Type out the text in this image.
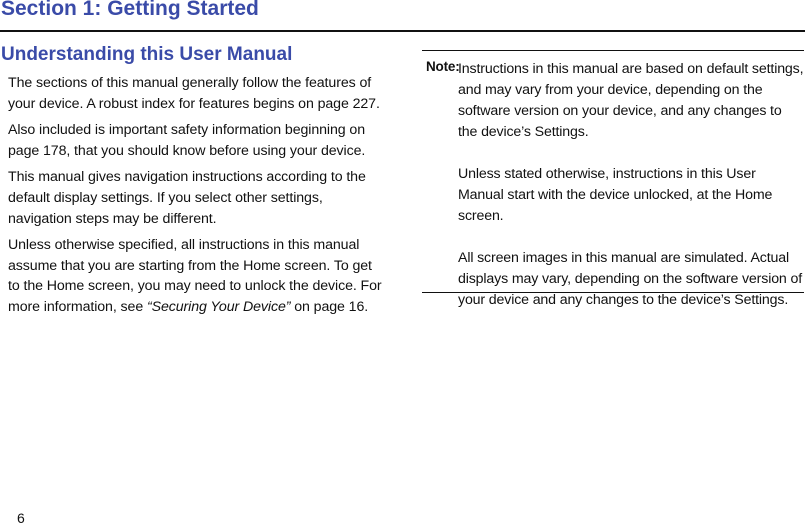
Section 1: Getting Started
Understanding this User Manual

The sections of this manual generally follow the features of your device. A robust index for features begins on page 227.

Also included is important safety information beginning on page 178, that you should know before using your device.

This manual gives navigation instructions according to the default display settings. If you select other settings, navigation steps may be different.

Unless otherwise specified, all instructions in this manual assume that you are starting from the Home screen. To get to the Home screen, you may need to unlock the device. For more information, see “Securing Your Device” on page 16.

Note:

Instructions in this manual are based on default settings, and may vary from your device, depending on the software version on your device, and any changes to the device’s Settings.

Unless stated otherwise, instructions in this User Manual start with the device unlocked, at the Home screen.

All screen images in this manual are simulated. Actual displays may vary, depending on the software version of your device and any changes to the device’s Settings.

6
